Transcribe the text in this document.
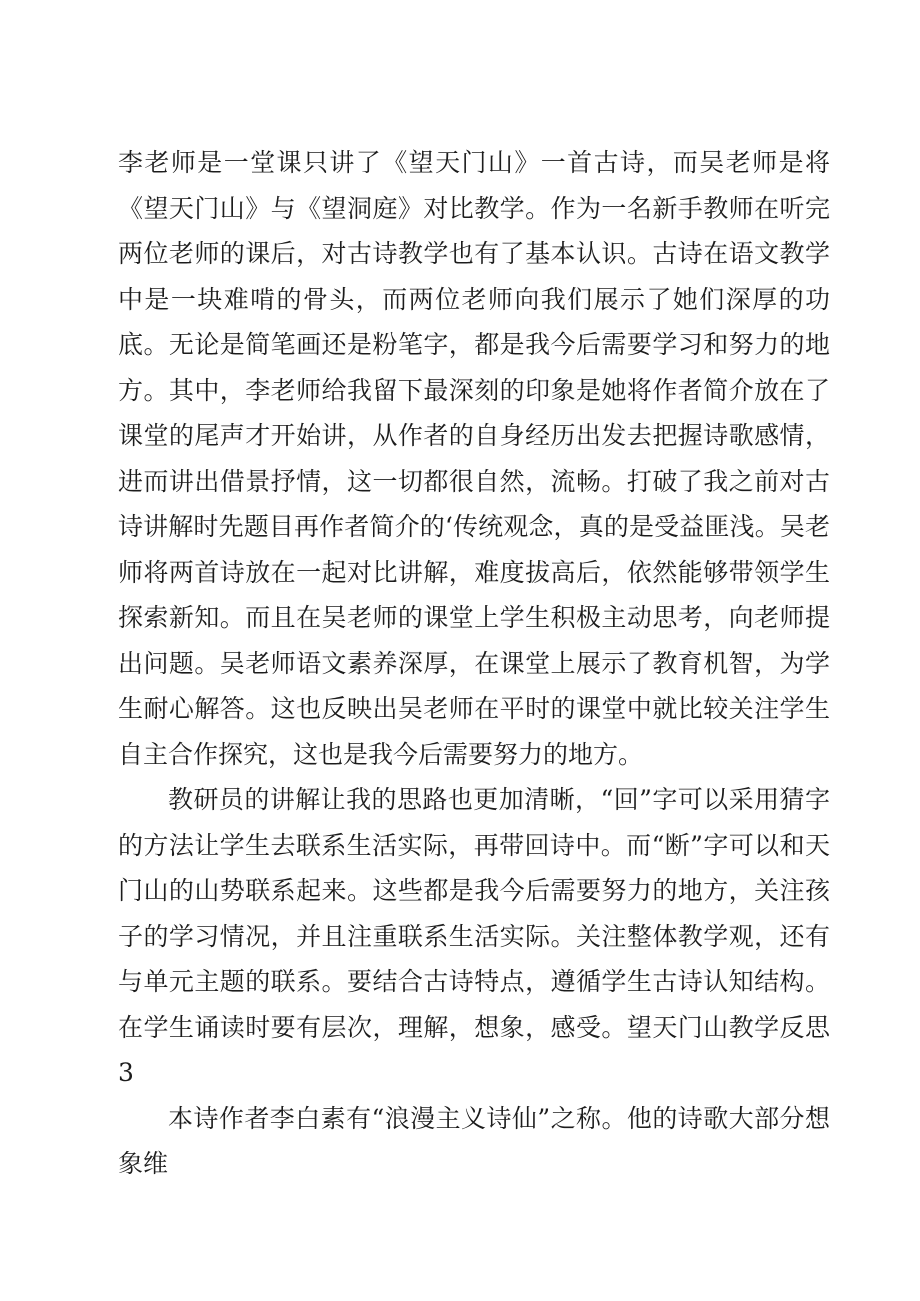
李老师是一堂课只讲了《望天门山》一首古诗，而吴老师是将《望天门山》与《望洞庭》对比教学。作为一名新手教师在听完两位老师的课后，对古诗教学也有了基本认识。古诗在语文教学中是一块难啃的骨头，而两位老师向我们展示了她们深厚的功底。无论是简笔画还是粉笔字，都是我今后需要学习和努力的地方。其中，李老师给我留下最深刻的印象是她将作者简介放在了课堂的尾声才开始讲，从作者的自身经历出发去把握诗歌感情，进而讲出借景抒情，这一切都很自然，流畅。打破了我之前对古诗讲解时先题目再作者简介的‘传统观念，真的是受益匪浅。吴老师将两首诗放在一起对比讲解，难度拔高后，依然能够带领学生探索新知。而且在吴老师的课堂上学生积极主动思考，向老师提出问题。吴老师语文素养深厚，在课堂上展示了教育机智，为学生耐心解答。这也反映出吴老师在平时的课堂中就比较关注学生自主合作探究，这也是我今后需要努力的地方。

教研员的讲解让我的思路也更加清晰，“回”字可以采用猜字的方法让学生去联系生活实际，再带回诗中。而“断”字可以和天门山的山势联系起来。这些都是我今后需要努力的地方，关注孩子的学习情况，并且注重联系生活实际。关注整体教学观，还有与单元主题的联系。要结合古诗特点，遵循学生古诗认知结构。在学生诵读时要有层次，理解，想象，感受。望天门山教学反思3

本诗作者李白素有“浪漫主义诗仙”之称。他的诗歌大部分想象维
